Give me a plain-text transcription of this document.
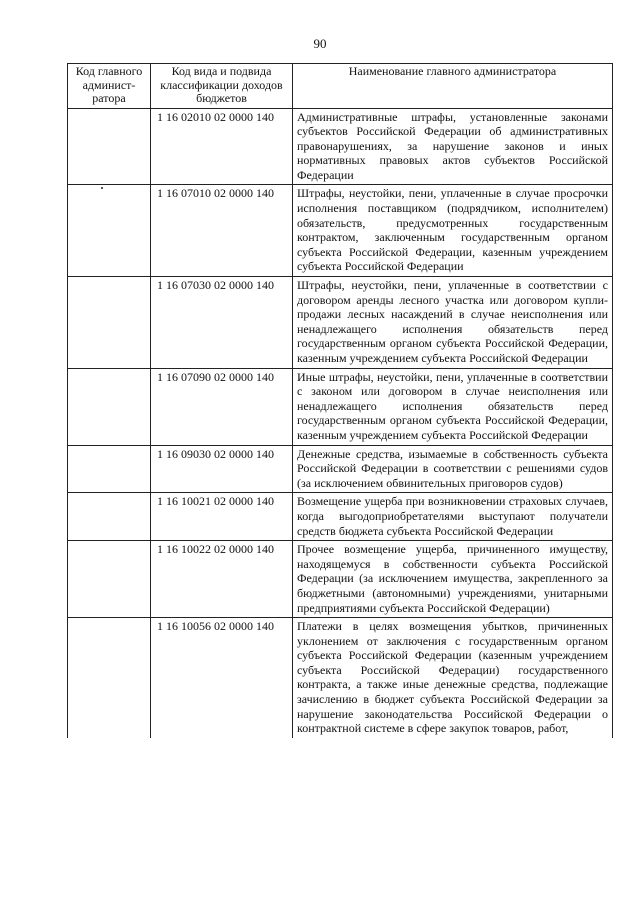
90
Код главного админист-ратора	Код вида и подвида классификации доходов бюджетов	Наименование главного администратора
	1 16 02010 02 0000 140	Административные штрафы, установленные законами субъектов Российской Федерации об административных правонарушениях, за нарушение законов и иных нормативных правовых актов субъектов Российской Федерации
	1 16 07010 02 0000 140	Штрафы, неустойки, пени, уплаченные в случае просрочки исполнения поставщиком (подрядчиком, исполнителем) обязательств, предусмотренных государственным контрактом, заключенным государственным органом субъекта Российской Федерации, казенным учреждением субъекта Российской Федерации
	1 16 07030 02 0000 140	Штрафы, неустойки, пени, уплаченные в соответствии с договором аренды лесного участка или договором купли-продажи лесных насаждений в случае неисполнения или ненадлежащего исполнения обязательств перед государственным органом субъекта Российской Федерации, казенным учреждением субъекта Российской Федерации
	1 16 07090 02 0000 140	Иные штрафы, неустойки, пени, уплаченные в соответствии с законом или договором в случае неисполнения или ненадлежащего исполнения обязательств перед государственным органом субъекта Российской Федерации, казенным учреждением субъекта Российской Федерации
	1 16 09030 02 0000 140	Денежные средства, изымаемые в собственность субъекта Российской Федерации в соответствии с решениями судов (за исключением обвинительных приговоров судов)
	1 16 10021 02 0000 140	Возмещение ущерба при возникновении страховых случаев, когда выгодоприобретателями выступают получатели средств бюджета субъекта Российской Федерации
	1 16 10022 02 0000 140	Прочее возмещение ущерба, причиненного имуществу, находящемуся в собственности субъекта Российской Федерации (за исключением имущества, закрепленного за бюджетными (автономными) учреждениями, унитарными предприятиями субъекта Российской Федерации)
	1 16 10056 02 0000 140	Платежи в целях возмещения убытков, причиненных уклонением от заключения с государственным органом субъекта Российской Федерации (казенным учреждением субъекта Российской Федерации) государственного контракта, а также иные денежные средства, подлежащие зачислению в бюджет субъекта Российской Федерации за нарушение законодательства Российской Федерации о контрактной системе в сфере закупок товаров, работ,
